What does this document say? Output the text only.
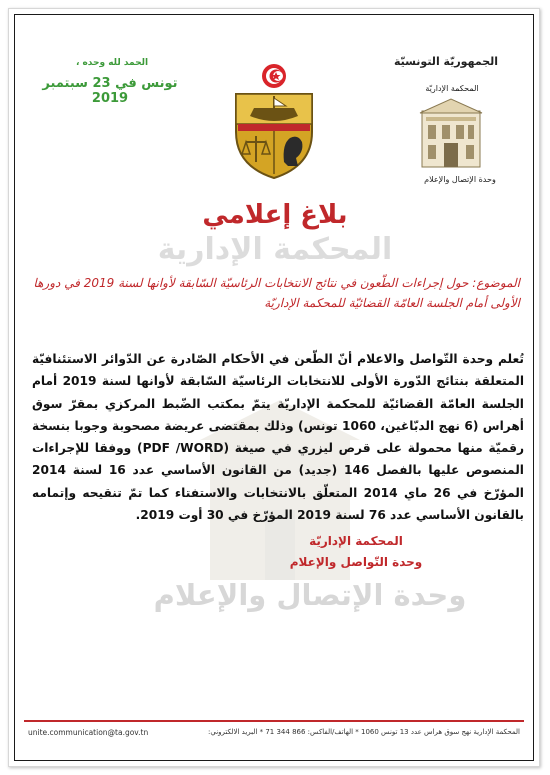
الجمهوريّة التونسيّة
المحكمة الإداريّة
وحدة الإتصال والإعلام
الحمد لله وحده ،
تونس في 23 سبتمبر 2019
بلاغ إعلامي
المحكمة الإدارية
الموضوع: حول إجراءات الطّعون في نتائج الانتخابات الرئاسيّة السّابقة لأوانها لسنة 2019 في دورها الأولى أمام الجلسة العامّة القضائيّة للمحكمة الإداريّة
تُعلم وحدة التّواصل والاعلام أنّ الطّعن في الأحكام الصّادرة عن الدّوائر الاستئنافيّة المتعلقة بنتائج الدّورة الأولى للانتخابات الرئاسيّة السّابقة لأوانها لسنة 2019 أمام الجلسة العامّة القضائيّة للمحكمة الإداريّة يتمّ بمكتب الضّبط المركزي بمقرّ سوق أهراس (6 نهج الدبّاغين، 1060 تونس) وذلك بمقتضى عريضة مصحوبة وجوبا بنسخة رقميّة منها محمولة على قرص ليزري في صيغة (PDF /WORD) ووفقا للإجراءات المنصوص عليها بالفصل 146 (جديد) من القانون الأساسي عدد 16 لسنة 2014 المؤرّخ في 26 ماي 2014 المتعلّق بالانتخابات والاستفتاء كما تمّ تنقيحه وإتمامه بالقانون الأساسي عدد 76 لسنة 2019 المؤرّخ في 30 أوت 2019.
المحكمة الإداريّة
وحدة التّواصل والإعلام
وحدة الإتصال والإعلام
unite.communication@ta.gov.tn	المحكمة الإدارية نهج سوق هراس عدد 13 تونس 1060 * الهاتف/الفاكس: 866 344 71 * البريد الالكتروني:
